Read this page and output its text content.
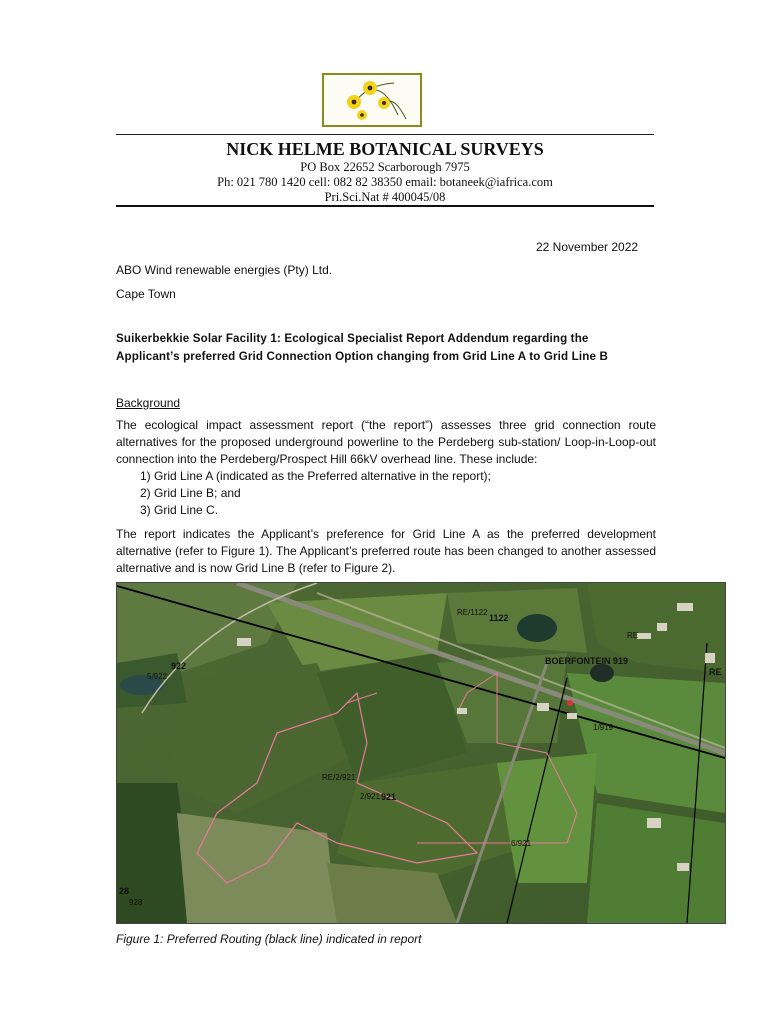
NICK HELME BOTANICAL SURVEYS
PO Box 22652 Scarborough 7975
Ph: 021 780 1420 cell: 082 82 38350 email: botaneek@iafrica.com
Pri.Sci.Nat # 400045/08
22 November 2022
ABO Wind renewable energies (Pty) Ltd.
Cape Town
Suikerbekkie Solar Facility 1: Ecological Specialist Report Addendum regarding the
Applicant’s preferred Grid Connection Option changing from Grid Line A to Grid Line B
Background
The ecological impact assessment report (“the report”) assesses three grid connection route alternatives for the proposed underground powerline to the Perdeberg sub-station/ Loop-in-Loop-out connection into the Perdeberg/Prospect Hill 66kV overhead line. These include:
1) Grid Line A (indicated as the Preferred alternative in the report);
2) Grid Line B; and
3) Grid Line C.
The report indicates the Applicant’s preference for Grid Line A as the preferred development alternative (refer to Figure 1). The Applicant’s preferred route has been changed to another assessed alternative and is now Grid Line B (refer to Figure 2).
RE/1122
1122
922
5/922
BOERFONTEIN 919
RE
RE
RE/2/921
2/921 921
1/919
6/921
28
928
Figure 1: Preferred Routing (black line) indicated in report
